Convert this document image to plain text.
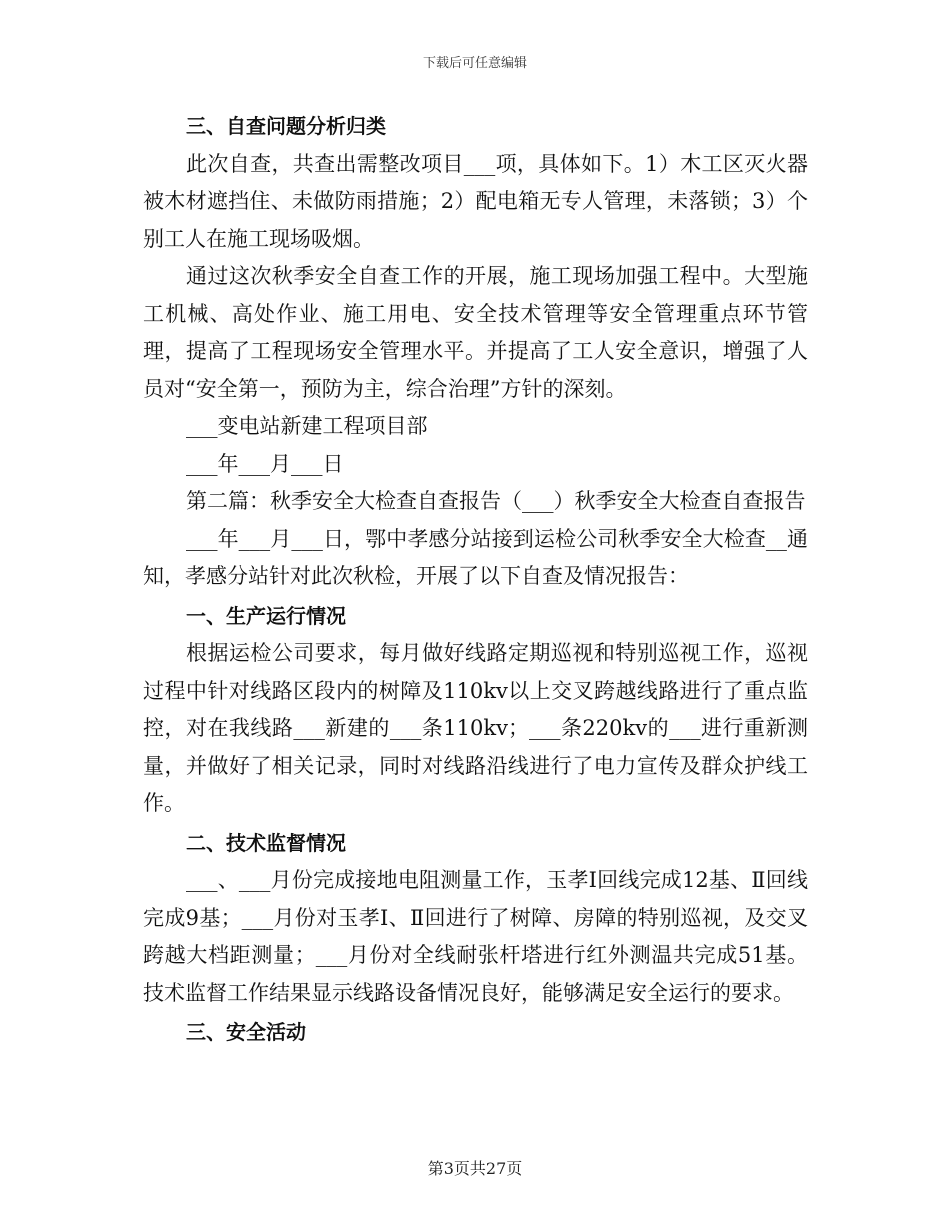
下载后可任意编辑

三、自查问题分析归类

此次自查，共查出需整改项目___项，具体如下。1）木工区灭火器被木材遮挡住、未做防雨措施；2）配电箱无专人管理，未落锁；3）个别工人在施工现场吸烟。

通过这次秋季安全自查工作的开展，施工现场加强工程中。大型施工机械、高处作业、施工用电、安全技术管理等安全管理重点环节管理，提高了工程现场安全管理水平。并提高了工人安全意识，增强了人员对“安全第一，预防为主，综合治理”方针的深刻。

___变电站新建工程项目部

___年___月___日

第二篇：秋季安全大检查自查报告（___）秋季安全大检查自查报告

___年___月___日，鄂中孝感分站接到运检公司秋季安全大检查__通知，孝感分站针对此次秋检，开展了以下自查及情况报告：

一、生产运行情况

根据运检公司要求，每月做好线路定期巡视和特别巡视工作，巡视过程中针对线路区段内的树障及110kv以上交叉跨越线路进行了重点监控，对在我线路___新建的___条110kv；___条220kv的___进行重新测量，并做好了相关记录，同时对线路沿线进行了电力宣传及群众护线工作。

二、技术监督情况

___、___月份完成接地电阻测量工作，玉孝Ⅰ回线完成12基、Ⅱ回线完成9基；___月份对玉孝Ⅰ、Ⅱ回进行了树障、房障的特别巡视，及交叉跨越大档距测量；___月份对全线耐张杆塔进行红外测温共完成51基。技术监督工作结果显示线路设备情况良好，能够满足安全运行的要求。

三、安全活动

第3页共27页
